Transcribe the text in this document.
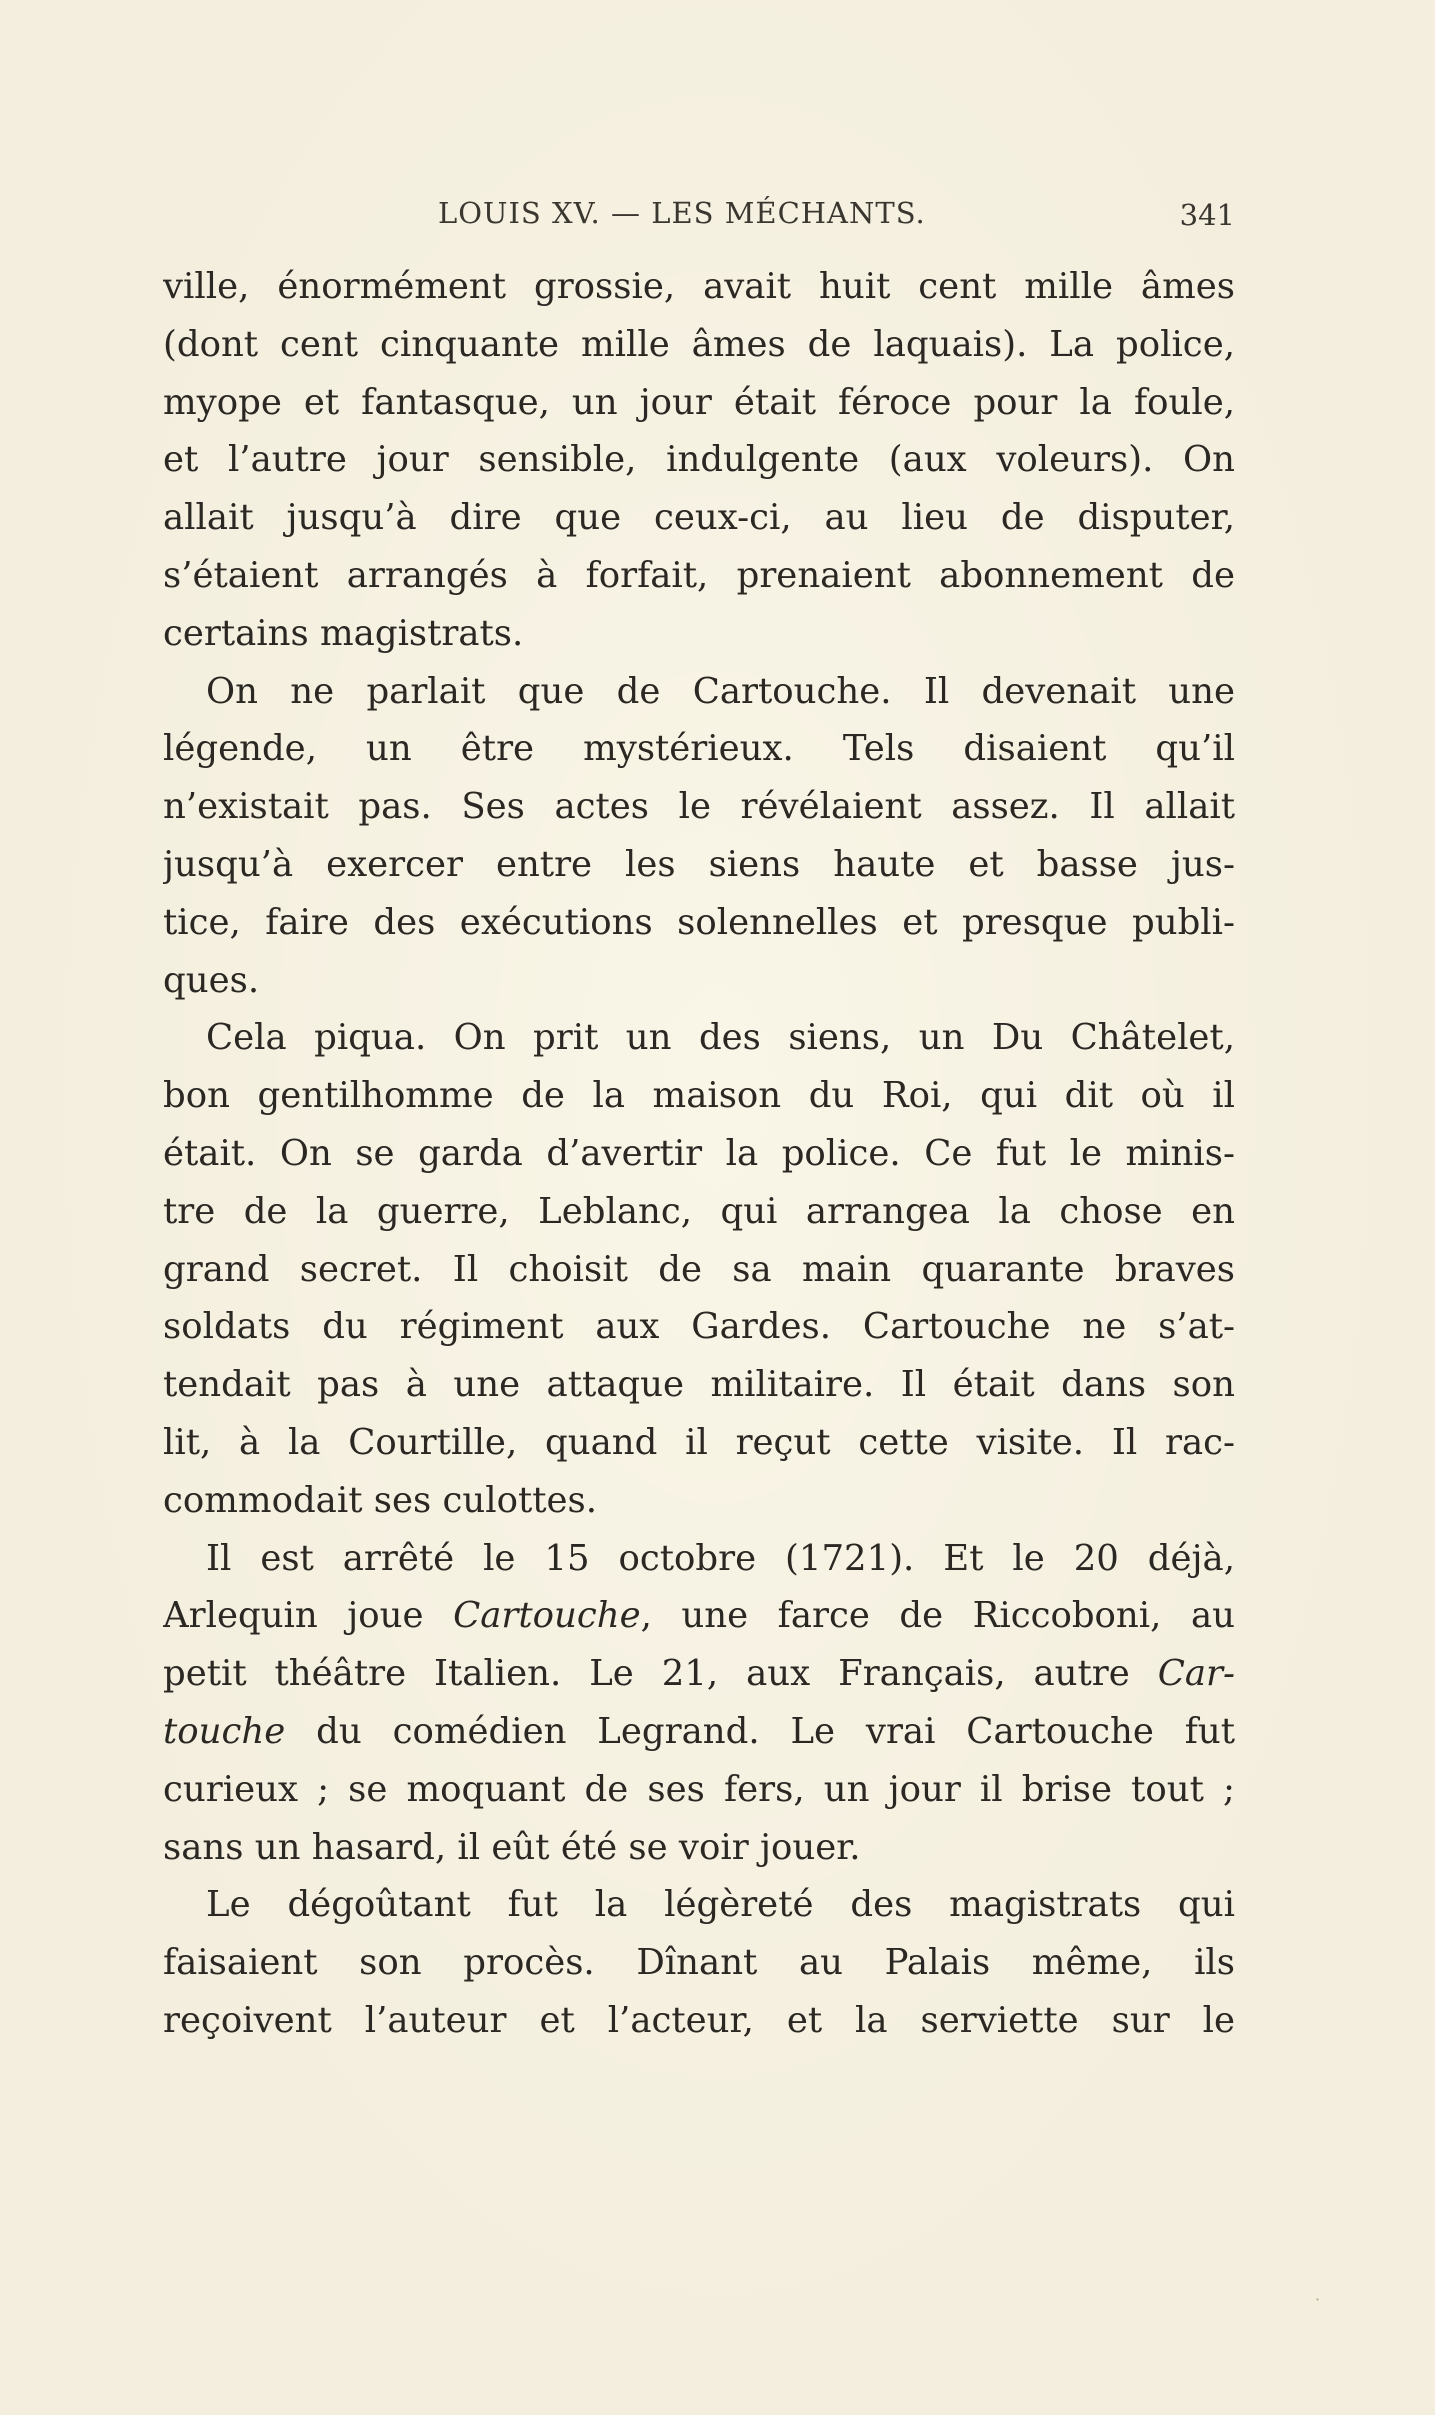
LOUIS XV. — LES MÉCHANTS.	341
ville, énormément grossie, avait huit cent mille âmes
(dont cent cinquante mille âmes de laquais). La police,
myope et fantasque, un jour était féroce pour la foule,
et l’autre jour sensible, indulgente (aux voleurs). On
allait jusqu’à dire que ceux-ci, au lieu de disputer,
s’étaient arrangés à forfait, prenaient abonnement de
certains magistrats.
On ne parlait que de Cartouche. Il devenait une
légende, un être mystérieux. Tels disaient qu’il
n’existait pas. Ses actes le révélaient assez. Il allait
jusqu’à exercer entre les siens haute et basse jus-
tice, faire des exécutions solennelles et presque publi-
ques.
Cela piqua. On prit un des siens, un Du Châtelet,
bon gentilhomme de la maison du Roi, qui dit où il
était. On se garda d’avertir la police. Ce fut le minis-
tre de la guerre, Leblanc, qui arrangea la chose en
grand secret. Il choisit de sa main quarante braves
soldats du régiment aux Gardes. Cartouche ne s’at-
tendait pas à une attaque militaire. Il était dans son
lit, à la Courtille, quand il reçut cette visite. Il rac-
commodait ses culottes.
Il est arrêté le 15 octobre (1721). Et le 20 déjà,
Arlequin joue Cartouche, une farce de Riccoboni, au
petit théâtre Italien. Le 21, aux Français, autre Car-
touche du comédien Legrand. Le vrai Cartouche fut
curieux ; se moquant de ses fers, un jour il brise tout ;
sans un hasard, il eût été se voir jouer.
Le dégoûtant fut la légèreté des magistrats qui
faisaient son procès. Dînant au Palais même, ils
reçoivent l’auteur et l’acteur, et la serviette sur le
·
